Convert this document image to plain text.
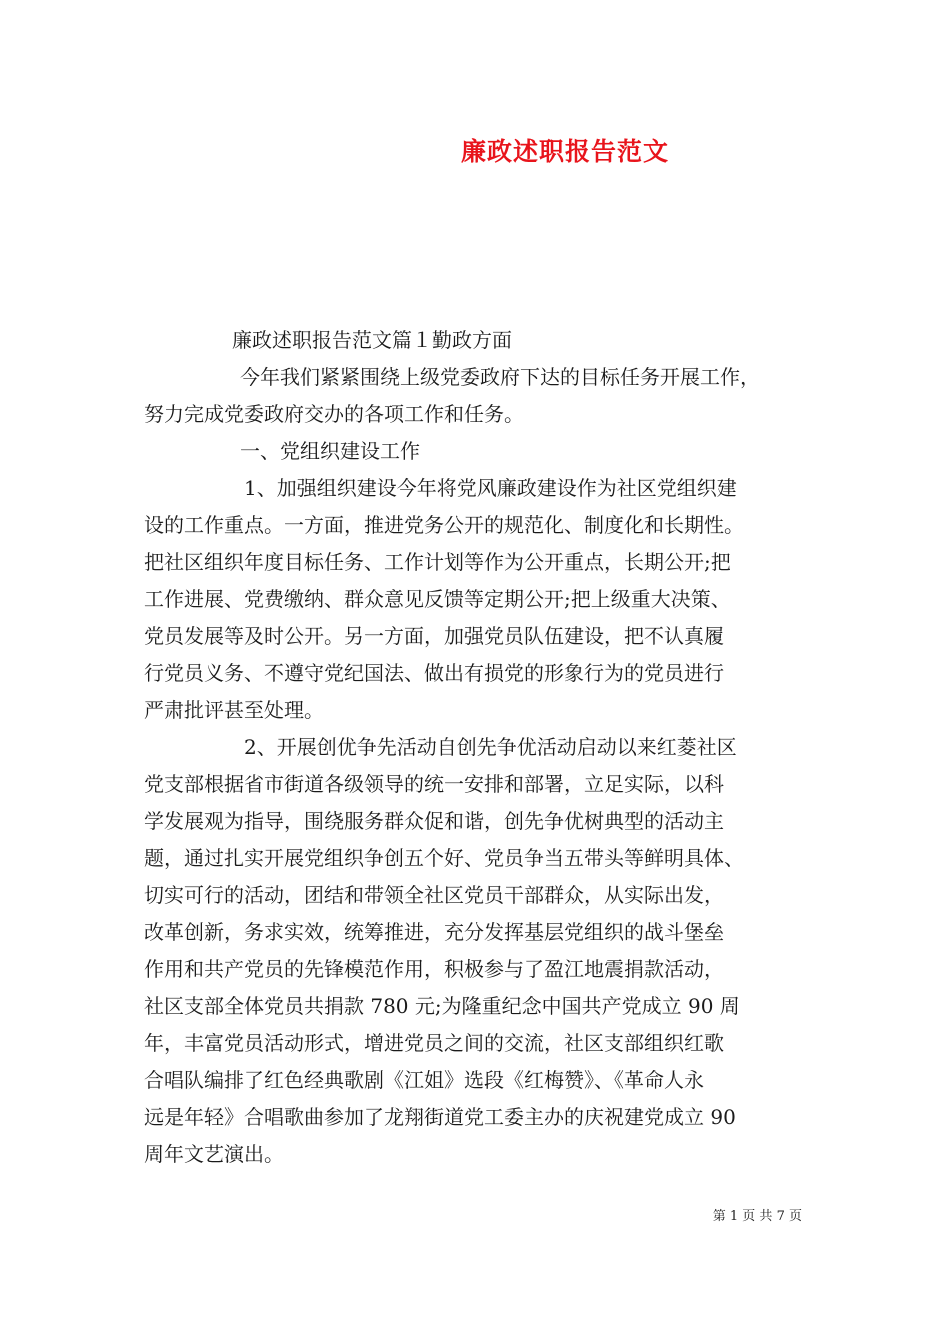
廉政述职报告范文
廉政述职报告范文篇１勤政方面
今年我们紧紧围绕上级党委政府下达的目标任务开展工作，
努力完成党委政府交办的各项工作和任务。
一、党组织建设工作
1、加强组织建设今年将党风廉政建设作为社区党组织建
设的工作重点。一方面，推进党务公开的规范化、制度化和长期性。
把社区组织年度目标任务、工作计划等作为公开重点，长期公开;把
工作进展、党费缴纳、群众意见反馈等定期公开;把上级重大决策、
党员发展等及时公开。另一方面，加强党员队伍建设，把不认真履
行党员义务、不遵守党纪国法、做出有损党的形象行为的党员进行
严肃批评甚至处理。
2、开展创优争先活动自创先争优活动启动以来红菱社区
党支部根据省市街道各级领导的统一安排和部署，立足实际，以科
学发展观为指导，围绕服务群众促和谐，创先争优树典型的活动主
题，通过扎实开展党组织争创五个好、党员争当五带头等鲜明具体、
切实可行的活动，团结和带领全社区党员干部群众，从实际出发，
改革创新，务求实效，统筹推进，充分发挥基层党组织的战斗堡垒
作用和共产党员的先锋模范作用，积极参与了盈江地震捐款活动，
社区支部全体党员共捐款 780 元;为隆重纪念中国共产党成立 90 周
年，丰富党员活动形式，增进党员之间的交流，社区支部组织红歌
合唱队编排了红色经典歌剧《江姐》选段《红梅赞》、《革命人永
远是年轻》合唱歌曲参加了龙翔街道党工委主办的庆祝建党成立 90
周年文艺演出。
第 1 页 共 7 页
